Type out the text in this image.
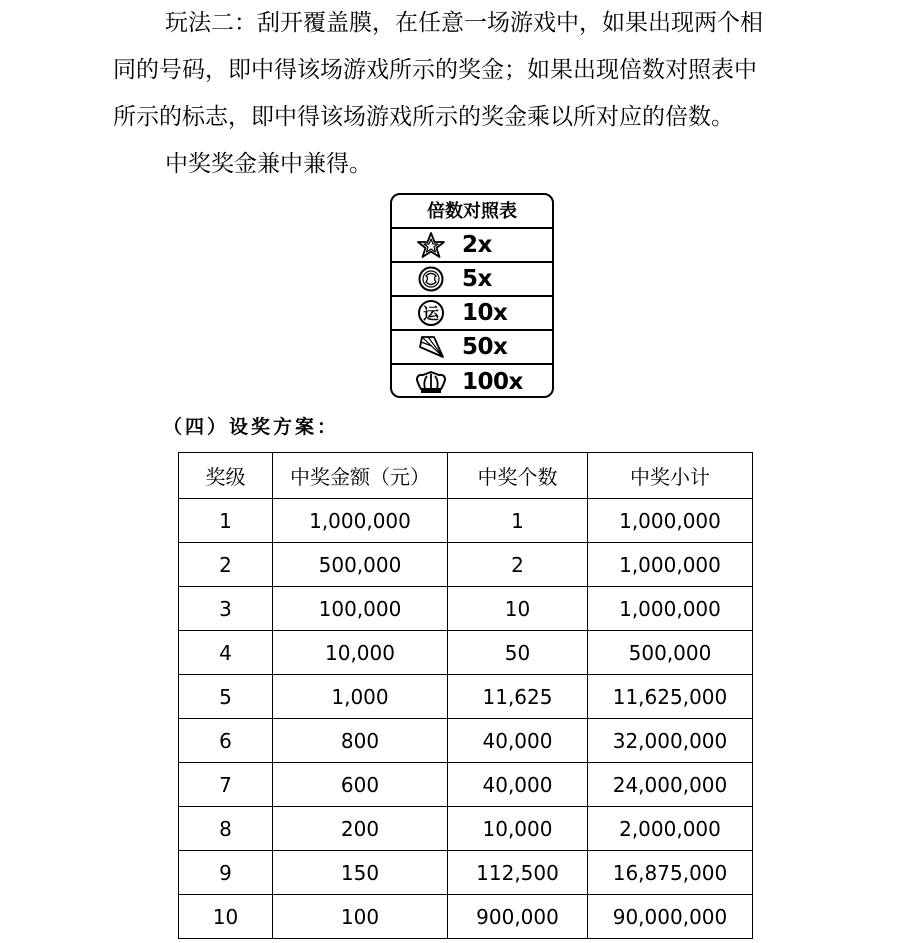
玩法二：刮开覆盖膜，在任意一场游戏中，如果出现两个相

同的号码，即中得该场游戏所示的奖金；如果出现倍数对照表中

所示的标志，即中得该场游戏所示的奖金乘以所对应的倍数。

中奖奖金兼中兼得。

倍数对照表
2x
5x
运 10x
50x
100x
（四）设奖方案：
奖级	中奖金额（元）	中奖个数	中奖小计
1	1,000,000	1	1,000,000
2	500,000	2	1,000,000
3	100,000	10	1,000,000
4	10,000	50	500,000
5	1,000	11,625	11,625,000
6	800	40,000	32,000,000
7	600	40,000	24,000,000
8	200	10,000	2,000,000
9	150	112,500	16,875,000
10	100	900,000	90,000,000
